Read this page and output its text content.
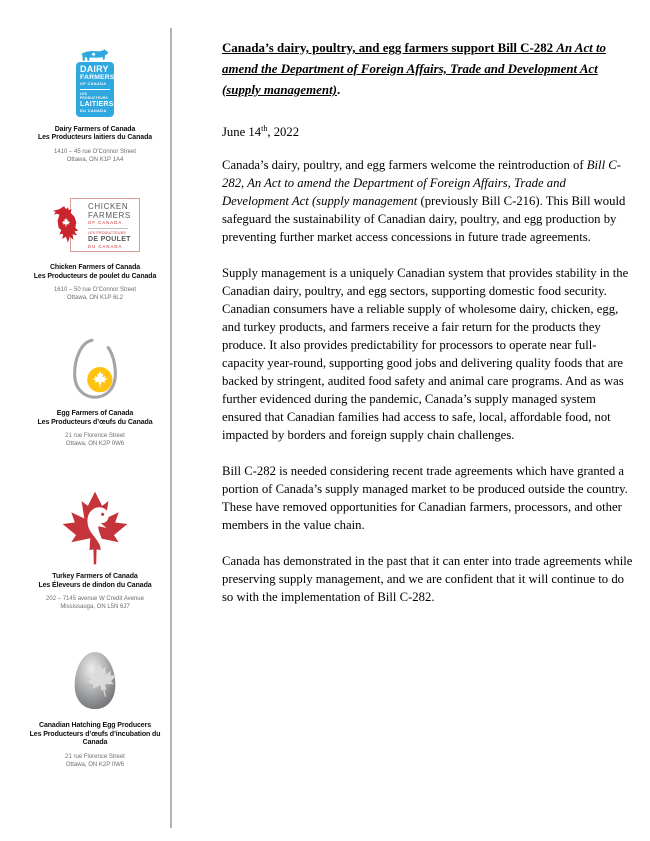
DAIRY
FARMERS
OF CANADA
LES PRODUCTEURS
LAITIERS
DU CANADA
Dairy Farmers of Canada
Les Producteurs laitiers du Canada
1410 – 45 rue O’Connor Street
Ottawa, ON K1P 1A4
CHICKEN
FARMERS
OF CANADA
LES PRODUCTEURS
DE POULET
DU CANADA
Chicken Farmers of Canada
Les Producteurs de poulet du Canada
1610 – 50 rue O’Connor Street
Ottawa, ON K1P 6L2
Egg Farmers of Canada
Les Producteurs d’œufs du Canada
21 rue Florence Street
Ottawa, ON K2P 0W6
Turkey Farmers of Canada
Les Éleveurs de dindon du Canada
202 – 7145 avenue W Credit Avenue
Mississauga, ON L5N 6J7
Canadian Hatching Egg Producers
Les Producteurs d’œufs d’incubation du Canada
21 rue Florence Street
Ottawa, ON K2P 0W6
Canada’s dairy, poultry, and egg farmers support Bill C-282 An Act to amend the Department of Foreign Affairs, Trade and Development Act (supply management).

June 14th, 2022

Canada’s dairy, poultry, and egg farmers welcome the reintroduction of Bill C-282, An Act to amend the Department of Foreign Affairs, Trade and Development Act (supply management (previously Bill C-216). This Bill would safeguard the sustainability of Canadian dairy, poultry, and egg production by preventing further market access concessions in future trade agreements.

Supply management is a uniquely Canadian system that provides stability in the Canadian dairy, poultry, and egg sectors, supporting domestic food security. Canadian consumers have a reliable supply of wholesome dairy, chicken, egg, and turkey products, and farmers receive a fair return for the products they produce. It also provides predictability for processors to operate near full-capacity year-round, supporting good jobs and delivering quality foods that are backed by stringent, audited food safety and animal care programs. And as was further evidenced during the pandemic, Canada’s supply managed system ensured that Canadian families had access to safe, local, affordable food, not impacted by borders and foreign supply chain challenges.

Bill C-282 is needed considering recent trade agreements which have granted a portion of Canada’s supply managed market to be produced outside the country. These have removed opportunities for Canadian farmers, processors, and other members in the value chain.

Canada has demonstrated in the past that it can enter into trade agreements while preserving supply management, and we are confident that it will continue to do so with the implementation of Bill C-282.
